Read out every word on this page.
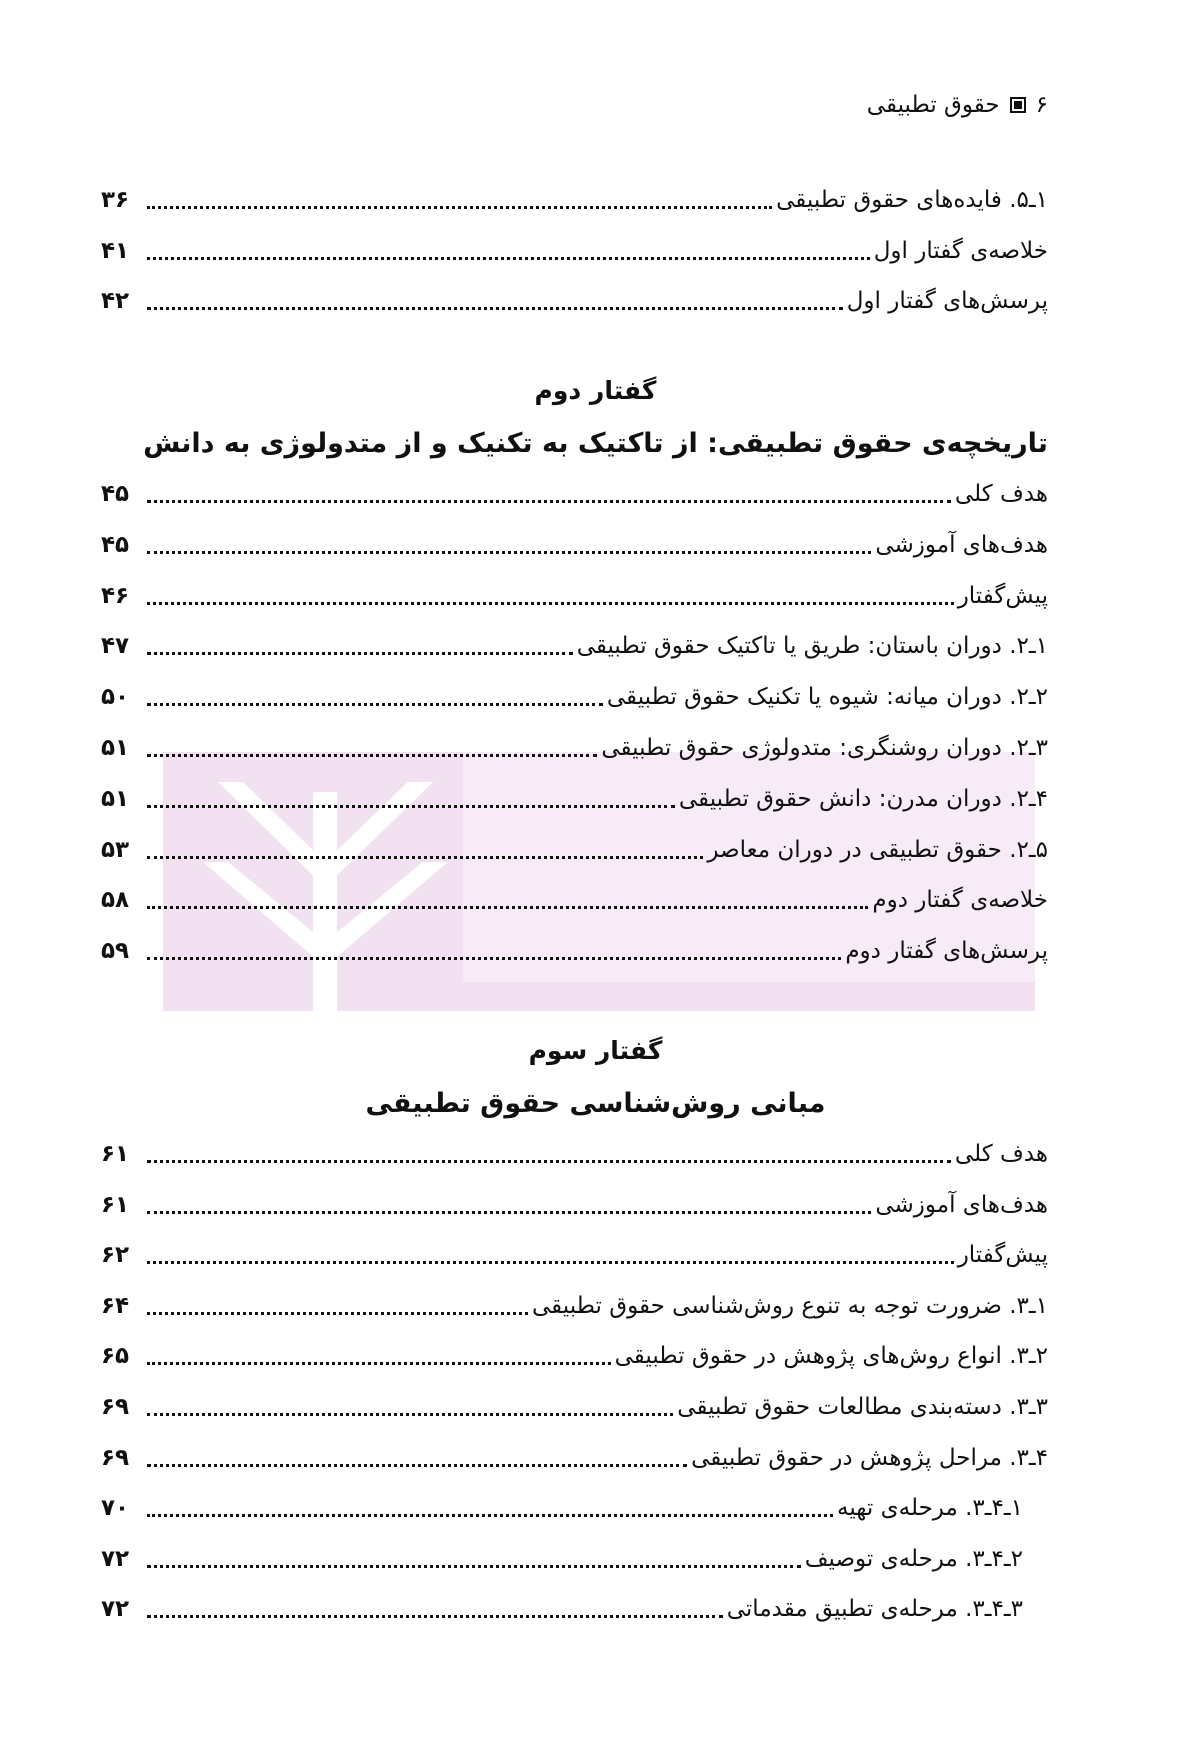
۶
حقوق تطبیقی
۱ـ۵. فایده‌های حقوق تطبیقی
۳۶
خلاصه‌ی گفتار اول
۴۱
پرسش‌های گفتار اول
۴۲
هدف کلی
۴۵
هدف‌های آموزشی
۴۵
پیش‌گفتار
۴۶
۱ـ۲. دوران باستان: طریق یا تاکتیک حقوق تطبیقی
۴۷
۲ـ۲. دوران میانه: شیوه یا تکنیک حقوق تطبیقی
۵۰
۳ـ۲. دوران روشنگری: متدولوژی حقوق تطبیقی
۵۱
۴ـ۲. دوران مدرن: دانش حقوق تطبیقی
۵۱
۵ـ۲. حقوق تطبیقی در دوران معاصر
۵۳
خلاصه‌ی گفتار دوم
۵۸
پرسش‌های گفتار دوم
۵۹
هدف کلی
۶۱
هدف‌های آموزشی
۶۱
پیش‌گفتار
۶۲
۱ـ۳. ضرورت توجه به تنوع روش‌شناسی حقوق تطبیقی
۶۴
۲ـ۳. انواع روش‌های پژوهش در حقوق تطبیقی
۶۵
۳ـ۳. دسته‌بندی مطالعات حقوق تطبیقی
۶۹
۴ـ۳. مراحل پژوهش در حقوق تطبیقی
۶۹
۱ـ۴ـ۳. مرحله‌ی تهیه
۷۰
۲ـ۴ـ۳. مرحله‌ی توصیف
۷۲
۳ـ۴ـ۳. مرحله‌ی تطبیق مقدماتی
۷۲
گفتار دوم
تاریخچه‌ی حقوق تطبیقی: از تاکتیک به تکنیک و از متدولوژی به دانش
گفتار سوم
مبانی روش‌شناسی حقوق تطبیقی
